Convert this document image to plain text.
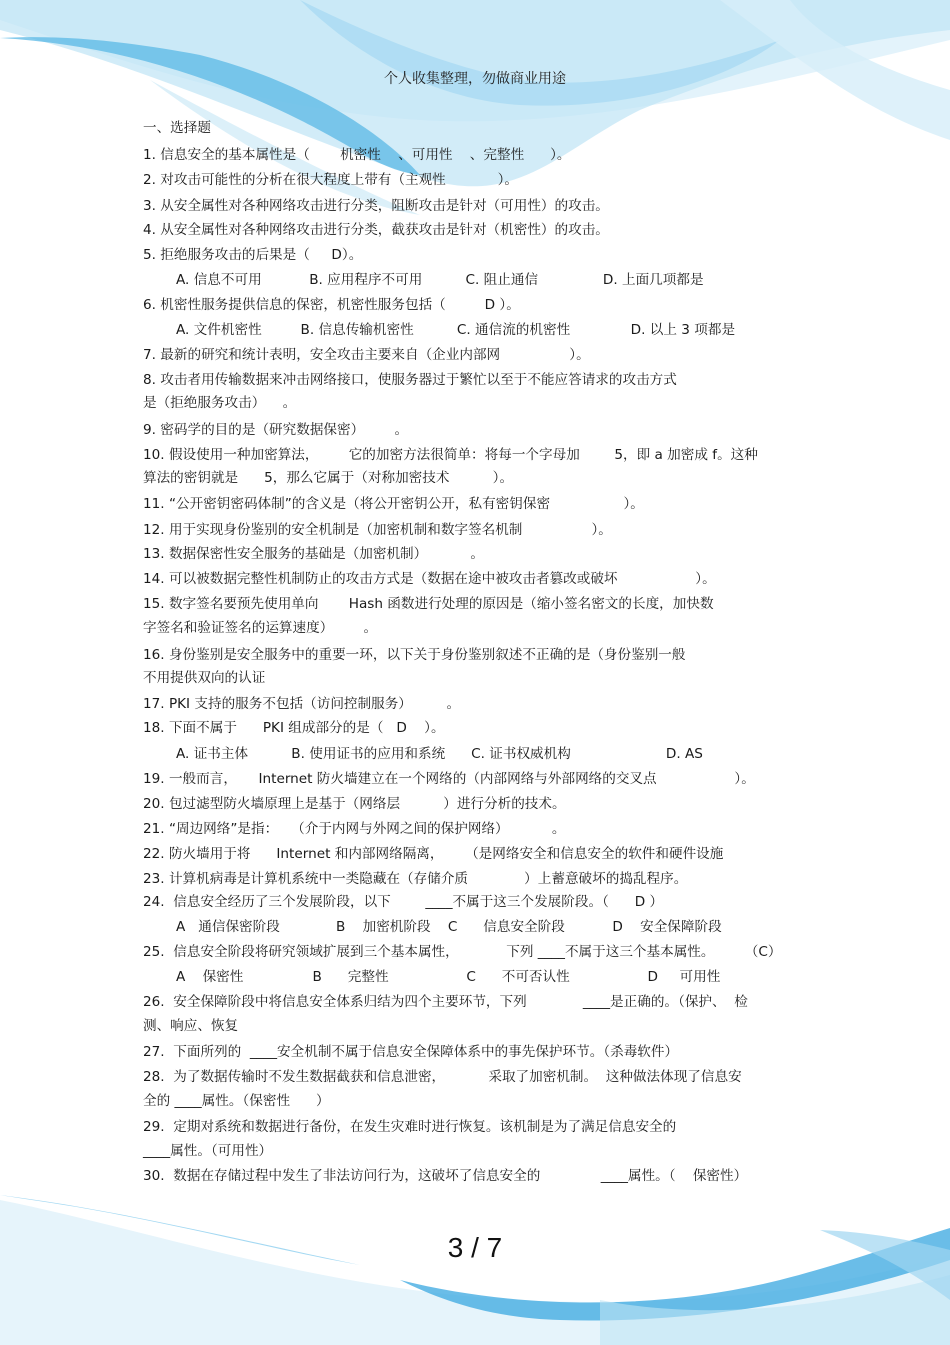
个人收集整理，勿做商业用途
一、选择题
1. 信息安全的基本属性是（       机密性    、可用性    、完整性      ）。
2. 对攻击可能性的分析在很大程度上带有（主观性            ）。
3. 从安全属性对各种网络攻击进行分类，阻断攻击是针对（可用性）的攻击。
4. 从安全属性对各种网络攻击进行分类，截获攻击是针对（机密性）的攻击。
5. 拒绝服务攻击的后果是（     D）。
A. 信息不可用           B. 应用程序不可用          C. 阻止通信               D. 上面几项都是
6. 机密性服务提供信息的保密，机密性服务包括（         D ）。
A. 文件机密性         B. 信息传输机密性          C. 通信流的机密性              D. 以上 3 项都是
7. 最新的研究和统计表明，安全攻击主要来自（企业内部网                ）。
8. 攻击者用传输数据来冲击网络接口，使服务器过于繁忙以至于不能应答请求的攻击方式
是（拒绝服务攻击）    。
9. 密码学的目的是（研究数据保密）       。
10. 假设使用一种加密算法，       它的加密方法很简单：将每一个字母加        5，即 a 加密成 f。这种
算法的密钥就是      5，那么它属于（对称加密技术          ）。
11. “公开密钥密码体制”的含义是（将公开密钥公开，私有密钥保密                 ）。
12. 用于实现身份鉴别的安全机制是（加密机制和数字签名机制                ）。
13. 数据保密性安全服务的基础是（加密机制）          。
14. 可以被数据完整性机制防止的攻击方式是（数据在途中被攻击者篡改或破坏                  ）。
15. 数字签名要预先使用单向       Hash 函数进行处理的原因是（缩小签名密文的长度，加快数
字签名和验证签名的运算速度）       。
16. 身份鉴别是安全服务中的重要一环，以下关于身份鉴别叙述不正确的是（身份鉴别一般
不用提供双向的认证
17. PKI 支持的服务不包括（访问控制服务）        。
18. 下面不属于      PKI 组成部分的是（   D    ）。
A. 证书主体          B. 使用证书的应用和系统      C. 证书权威机构                      D. AS
19. 一般而言，     Internet 防火墙建立在一个网络的（内部网络与外部网络的交叉点                  ）。
20. 包过滤型防火墙原理上是基于（网络层          ）进行分析的技术。
21. “周边网络”是指：   （介于内网与外网之间的保护网络）          。
22. 防火墙用于将      Internet 和内部网络隔离，     （是网络安全和信息安全的软件和硬件设施
23. 计算机病毒是计算机系统中一类隐藏在（存储介质             ）上蓄意破坏的捣乱程序。
24.  信息安全经历了三个发展阶段，以下        ____不属于这三个发展阶段。（      D ）
A   通信保密阶段             B    加密机阶段    C      信息安全阶段           D    安全保障阶段
25.  信息安全阶段将研究领域扩展到三个基本属性，           下列 ____不属于这三个基本属性。       （C）
A    保密性                B      完整性                  C      不可否认性                  D     可用性
26.  安全保障阶段中将信息安全体系归结为四个主要环节，下列             ____是正确的。（保护、  检
测、响应、恢复
27.  下面所列的  ____安全机制不属于信息安全保障体系中的事先保护环节。（杀毒软件）
28.  为了数据传输时不发生数据截获和信息泄密，          采取了加密机制。  这种做法体现了信息安
全的 ____属性。（保密性      ）
29.  定期对系统和数据进行备份，在发生灾难时进行恢复。该机制是为了满足信息安全的
____属性。（可用性）
30.  数据在存储过程中发生了非法访问行为，这破坏了信息安全的              ____属性。（    保密性）
3 / 7
